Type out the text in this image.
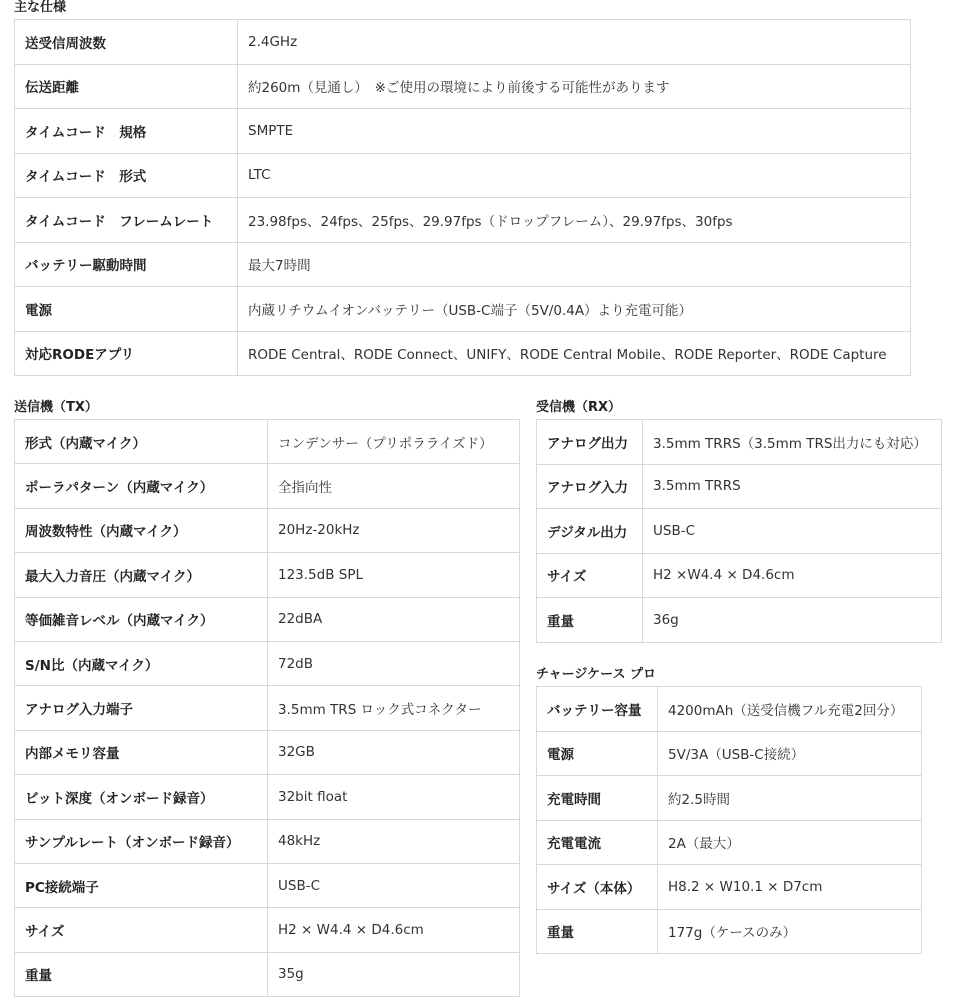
主な仕様
送受信周波数	2.4GHz
伝送距離	約260m（見通し）　※ご使用の環境により前後する可能性があります
タイムコード　規格	SMPTE
タイムコード　形式	LTC
タイムコード　フレームレート	23.98fps、24fps、25fps、29.97fps（ドロップフレーム）、29.97fps、30fps
バッテリー駆動時間	最大7時間
電源	内蔵リチウムイオンバッテリー（USB-C端子（5V/0.4A）より充電可能）
対応RODEアプリ	RODE Central、RODE Connect、UNIFY、RODE Central Mobile、RODE Reporter、RODE Capture
送信機（TX）
形式（内蔵マイク）	コンデンサー（プリポラライズド）
ポーラパターン（内蔵マイク）	全指向性
周波数特性（内蔵マイク）	20Hz-20kHz
最大入力音圧（内蔵マイク）	123.5dB SPL
等価雑音レベル（内蔵マイク）	22dBA
S/N比（内蔵マイク）	72dB
アナログ入力端子	3.5mm TRS ロック式コネクター
内部メモリ容量	32GB
ビット深度（オンボード録音）	32bit float
サンプルレート（オンボード録音）	48kHz
PC接続端子	USB-C
サイズ	H2 × W4.4 × D4.6cm
重量	35g
受信機（RX）
アナログ出力	3.5mm TRRS（3.5mm TRS出力にも対応）
アナログ入力	3.5mm TRRS
デジタル出力	USB-C
サイズ	H2 ×W4.4 × D4.6cm
重量	36g
チャージケース プロ
バッテリー容量	4200mAh（送受信機フル充電2回分）
電源	5V/3A（USB-C接続）
充電時間	約2.5時間
充電電流	2A（最大）
サイズ（本体）	H8.2 × W10.1 × D7cm
重量	177g（ケースのみ）
